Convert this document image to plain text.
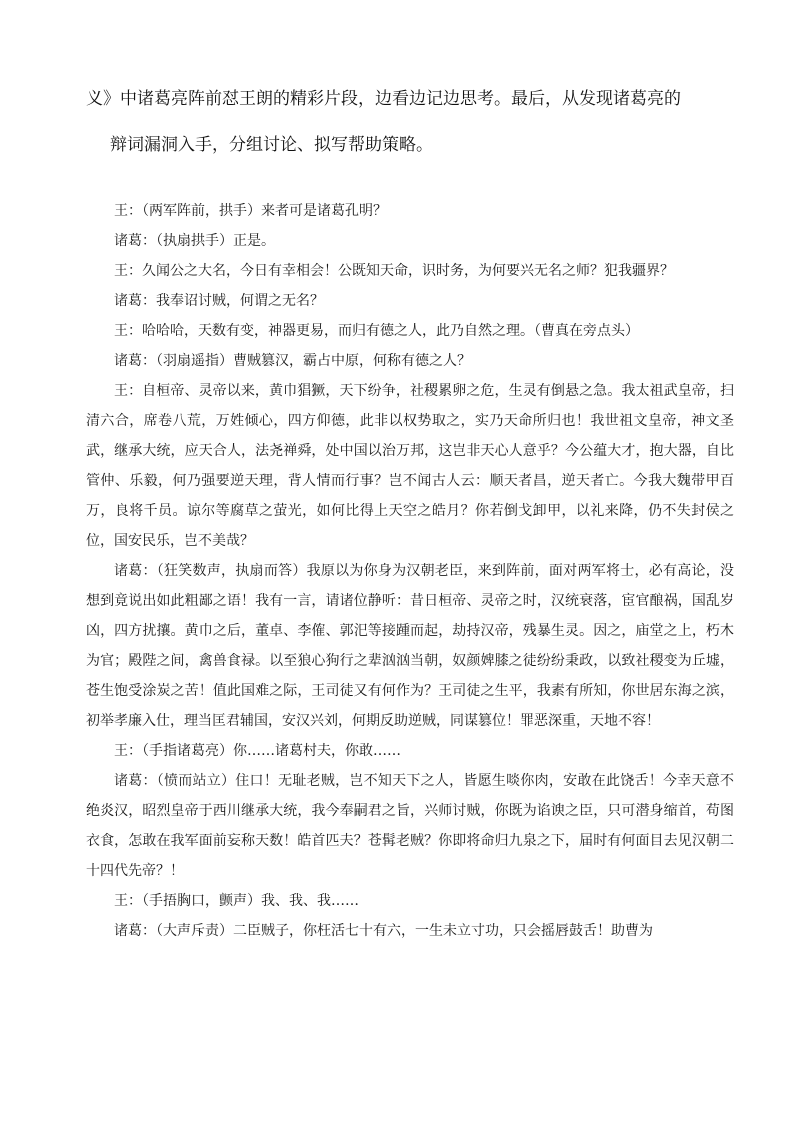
义》中诸葛亮阵前怼王朗的精彩片段，边看边记边思考。最后，从发现诸葛亮的

辩词漏洞入手，分组讨论、拟写帮助策略。

王：（两军阵前，拱手）来者可是诸葛孔明？

诸葛：（执扇拱手）正是。

王：久闻公之大名，今日有幸相会！公既知天命，识时务，为何要兴无名之师？犯我疆界？

诸葛：我奉诏讨贼，何谓之无名？

王：哈哈哈，天数有变，神器更易，而归有德之人，此乃自然之理。（曹真在旁点头）

诸葛：（羽扇遥指）曹贼篡汉，霸占中原，何称有德之人？

王：自桓帝、灵帝以来，黄巾猖獗，天下纷争，社稷累卵之危，生灵有倒悬之急。我太祖武皇帝，扫清六合，席卷八荒，万姓倾心，四方仰德，此非以权势取之，实乃天命所归也！我世祖文皇帝，神文圣武，继承大统，应天合人，法尧禅舜，处中国以治万邦，这岂非天心人意乎？今公蕴大才，抱大器，自比管仲、乐毅，何乃强要逆天理，背人情而行事？岂不闻古人云：顺天者昌，逆天者亡。今我大魏带甲百万，良将千员。谅尔等腐草之萤光，如何比得上天空之皓月？你若倒戈卸甲，以礼来降，仍不失封侯之位，国安民乐，岂不美哉？

诸葛：（狂笑数声，执扇而答）我原以为你身为汉朝老臣，来到阵前，面对两军将士，必有高论，没想到竟说出如此粗鄙之语！我有一言，请诸位静听：昔日桓帝、灵帝之时，汉统衰落，宦官酿祸，国乱岁凶，四方扰攘。黄巾之后，董卓、李傕、郭汜等接踵而起，劫持汉帝，残暴生灵。因之，庙堂之上，朽木为官；殿陛之间，禽兽食禄。以至狼心狗行之辈汹汹当朝，奴颜婢膝之徒纷纷秉政，以致社稷变为丘墟，苍生饱受涂炭之苦！值此国难之际，王司徒又有何作为？王司徒之生平，我素有所知，你世居东海之滨，初举孝廉入仕，理当匡君辅国，安汉兴刘，何期反助逆贼，同谋篡位！罪恶深重，天地不容！

王：（手指诸葛亮）你……诸葛村夫，你敢……

诸葛：（愤而站立）住口！无耻老贼，岂不知天下之人，皆愿生啖你肉，安敢在此饶舌！今幸天意不绝炎汉，昭烈皇帝于西川继承大统，我今奉嗣君之旨，兴师讨贼，你既为谄谀之臣，只可潜身缩首，苟图衣食，怎敢在我军面前妄称天数！皓首匹夫？苍髯老贼？你即将命归九泉之下，届时有何面目去见汉朝二十四代先帝？！

王：（手捂胸口，颤声）我、我、我……

诸葛：（大声斥责）二臣贼子，你枉活七十有六，一生未立寸功，只会摇唇鼓舌！助曹为
